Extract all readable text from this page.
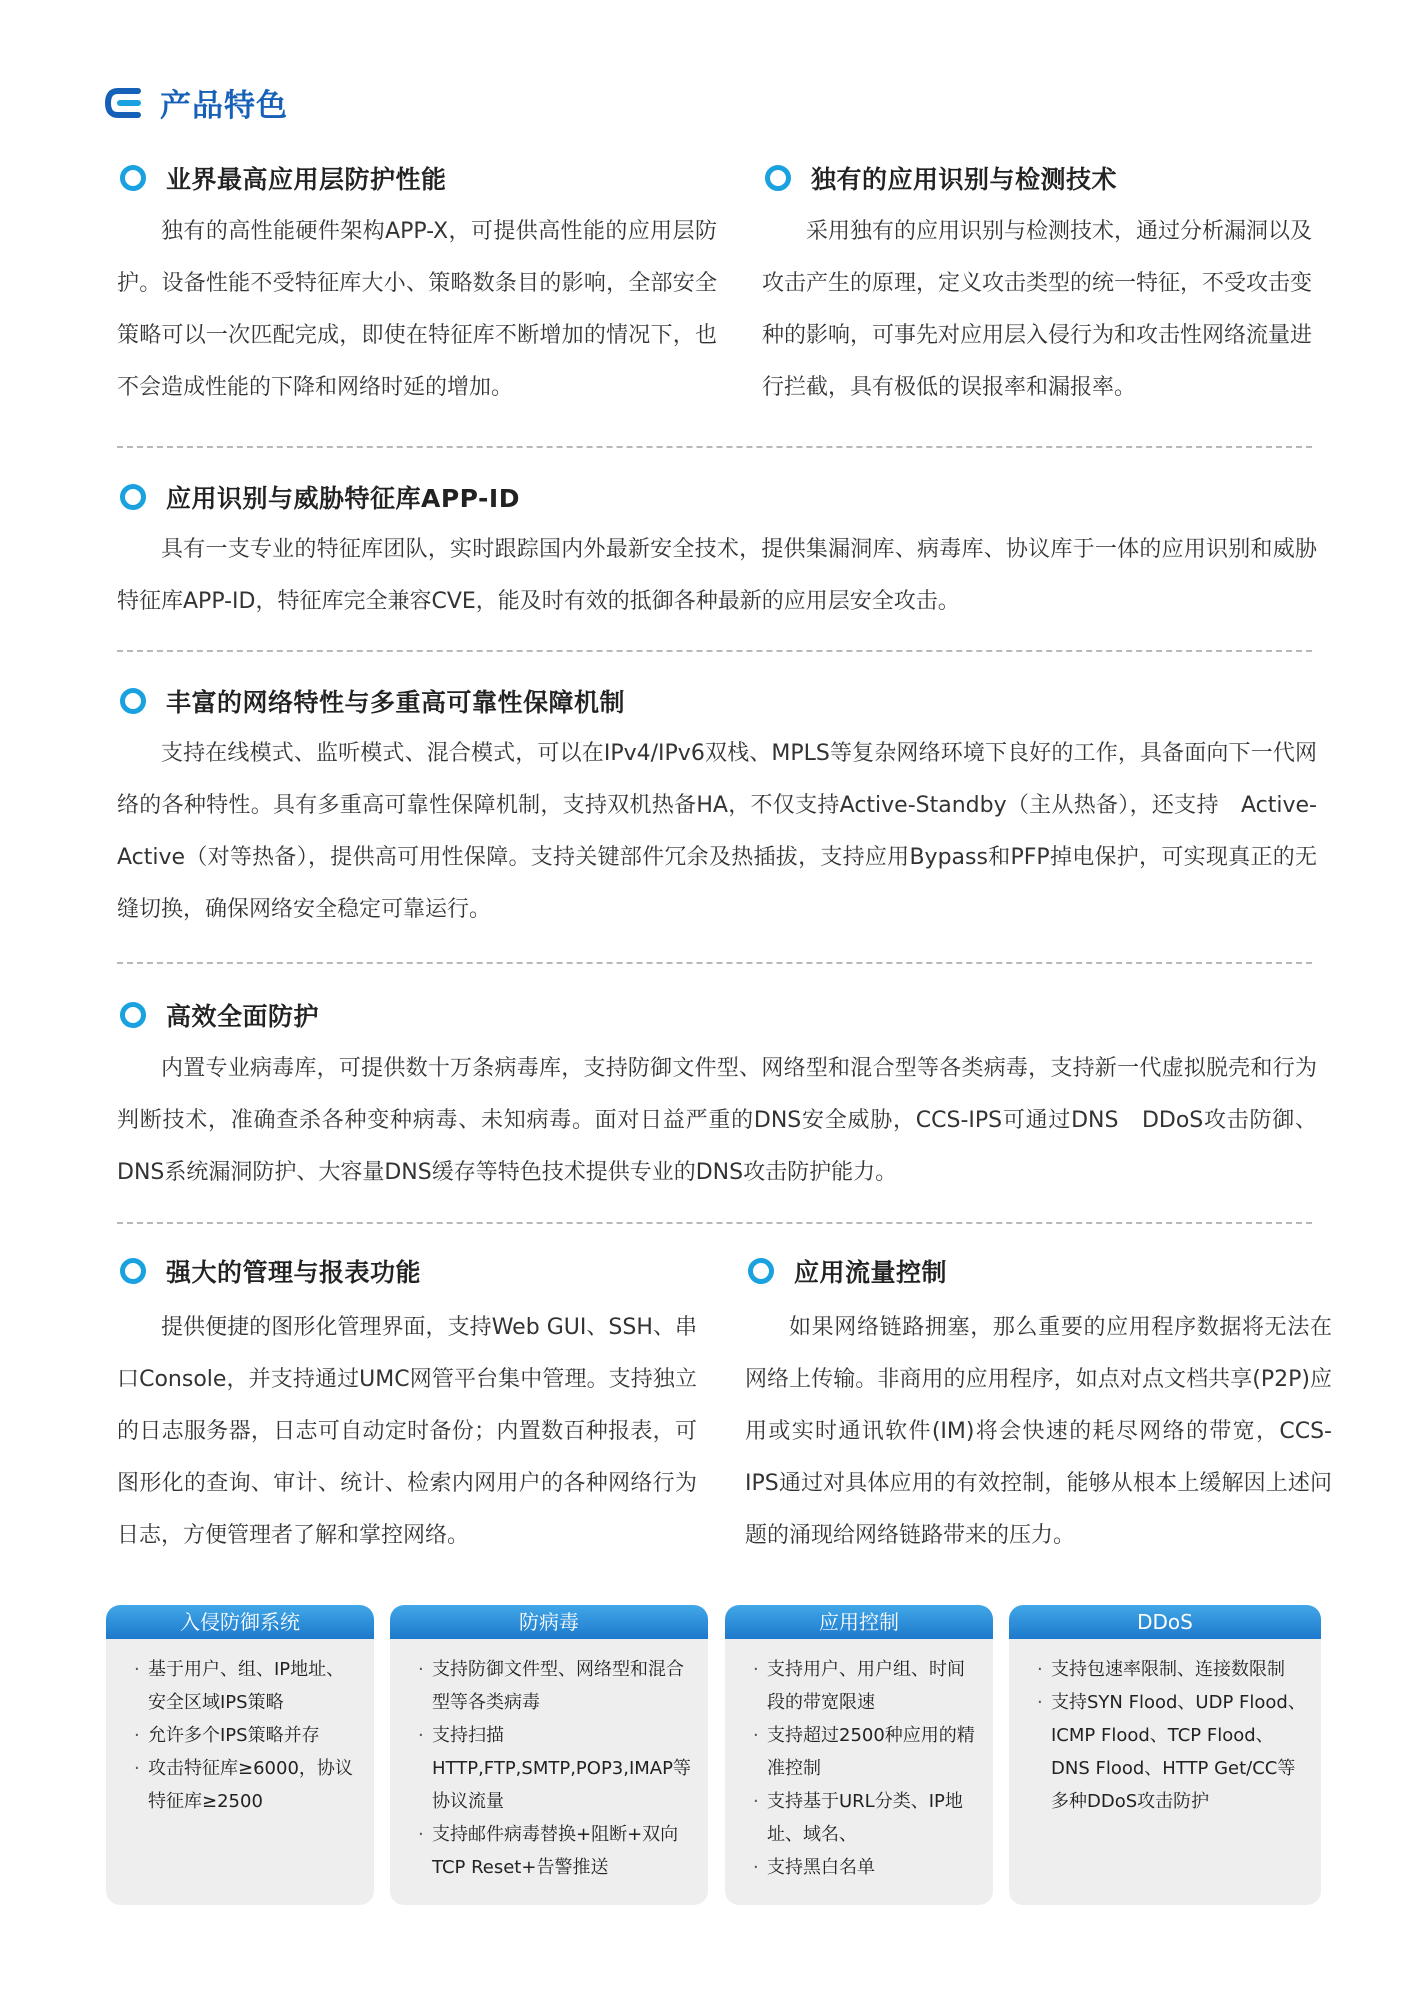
产品特色
业界最高应用层防护性能
独有的高性能硬件架构APP-X，可提供高性能的应用层防护。设备性能不受特征库大小、策略数条目的影响，全部安全策略可以一次匹配完成，即使在特征库不断增加的情况下，也不会造成性能的下降和网络时延的增加。
独有的应用识别与检测技术
采用独有的应用识别与检测技术，通过分析漏洞以及攻击产生的原理，定义攻击类型的统一特征，不受攻击变种的影响，可事先对应用层入侵行为和攻击性网络流量进行拦截，具有极低的误报率和漏报率。
应用识别与威胁特征库APP-ID
具有一支专业的特征库团队，实时跟踪国内外最新安全技术，提供集漏洞库、病毒库、协议库于一体的应用识别和威胁特征库APP-ID，特征库完全兼容CVE，能及时有效的抵御各种最新的应用层安全攻击。
丰富的网络特性与多重高可靠性保障机制
支持在线模式、监听模式、混合模式，可以在IPv4/IPv6双栈、MPLS等复杂网络环境下良好的工作，具备面向下一代网络的各种特性。具有多重高可靠性保障机制，支持双机热备HA，不仅支持Active-Standby（主从热备），还支持　Active-Active（对等热备），提供高可用性保障。支持关键部件冗余及热插拔，支持应用Bypass和PFP掉电保护，可实现真正的无缝切换，确保网络安全稳定可靠运行。
高效全面防护
内置专业病毒库，可提供数十万条病毒库，支持防御文件型、网络型和混合型等各类病毒，支持新一代虚拟脱壳和行为判断技术，准确查杀各种变种病毒、未知病毒。面对日益严重的DNS安全威胁，CCS-IPS可通过DNS　DDoS攻击防御、DNS系统漏洞防护、大容量DNS缓存等特色技术提供专业的DNS攻击防护能力。
强大的管理与报表功能
提供便捷的图形化管理界面，支持Web GUI、SSH、串口Console，并支持通过UMC网管平台集中管理。支持独立的日志服务器，日志可自动定时备份；内置数百种报表，可图形化的查询、审计、统计、检索内网用户的各种网络行为日志，方便管理者了解和掌控网络。
应用流量控制
如果网络链路拥塞，那么重要的应用程序数据将无法在网络上传输。非商用的应用程序，如点对点文档共享(P2P)应用或实时通讯软件(IM)将会快速的耗尽网络的带宽，CCS-IPS通过对具体应用的有效控制，能够从根本上缓解因上述问题的涌现给网络链路带来的压力。
入侵防御系统
· 基于用户、组、IP地址、安全区域IPS策略
· 允许多个IPS策略并存
· 攻击特征库≥6000，协议特征库≥2500
防病毒
· 支持防御文件型、网络型和混合型等各类病毒
· 支持扫描HTTP,FTP,SMTP,POP3,IMAP等协议流量
· 支持邮件病毒替换+阻断+双向TCP Reset+告警推送
应用控制
· 支持用户、用户组、时间段的带宽限速
· 支持超过2500种应用的精准控制
· 支持基于URL分类、IP地址、域名、
· 支持黑白名单
DDoS
· 支持包速率限制、连接数限制
· 支持SYN Flood、UDP Flood、ICMP Flood、TCP Flood、DNS Flood、HTTP Get/CC等多种DDoS攻击防护
